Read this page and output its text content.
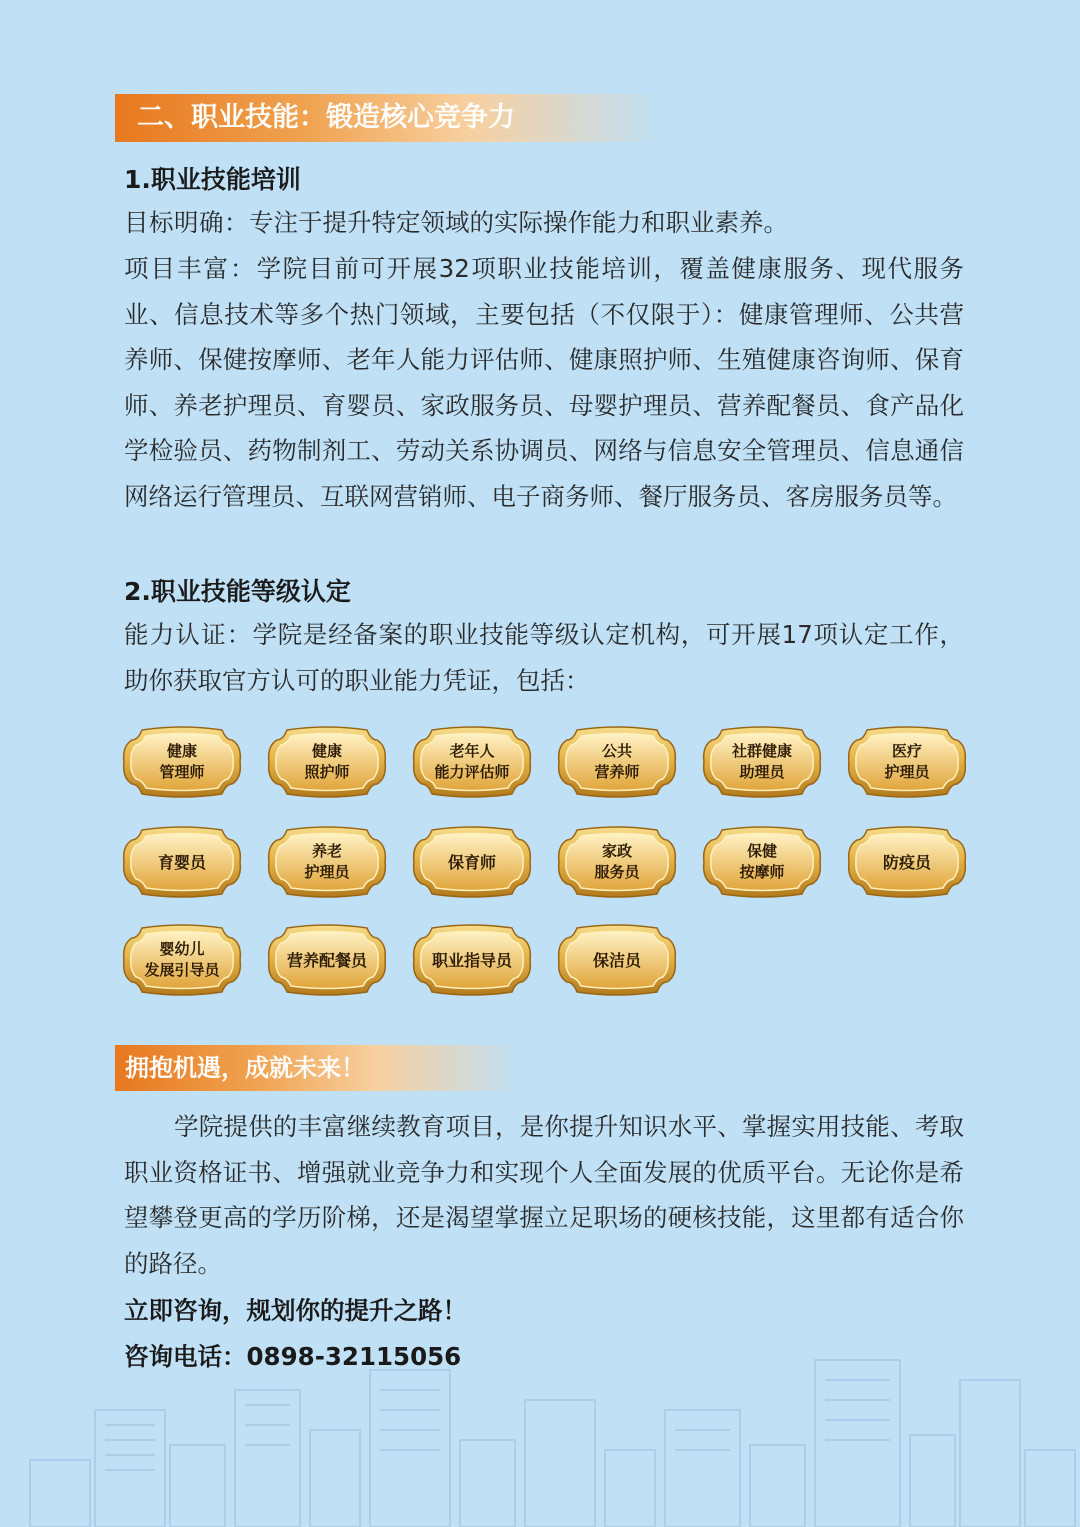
二、职业技能：锻造核心竞争力
1.职业技能培训
目标明确：专注于提升特定领域的实际操作能力和职业素养。
项目丰富：学院目前可开展32项职业技能培训，覆盖健康服务、现代服务业、信息技术等多个热门领域，主要包括（不仅限于）：健康管理师、公共营养师、保健按摩师、老年人能力评估师、健康照护师、生殖健康咨询师、保育师、养老护理员、育婴员、家政服务员、母婴护理员、营养配餐员、食产品化学检验员、药物制剂工、劳动关系协调员、网络与信息安全管理员、信息通信网络运行管理员、互联网营销师、电子商务师、餐厅服务员、客房服务员等。
2.职业技能等级认定
能力认证：学院是经备案的职业技能等级认定机构，可开展17项认定工作，助你获取官方认可的职业能力凭证，包括：
健康
管理师
健康
照护师
老年人
能力评估师
公共
营养师
社群健康
助理员
医疗
护理员
育婴员
养老
护理员
保育师
家政
服务员
保健
按摩师
防疫员
婴幼儿
发展引导员
营养配餐员	职业指导员	保洁员
拥抱机遇，成就未来！
学院提供的丰富继续教育项目，是你提升知识水平、掌握实用技能、考取职业资格证书、增强就业竞争力和实现个人全面发展的优质平台。无论你是希望攀登更高的学历阶梯，还是渴望掌握立足职场的硬核技能，这里都有适合你的路径。
立即咨询，规划你的提升之路！
咨询电话：0898-32115056
